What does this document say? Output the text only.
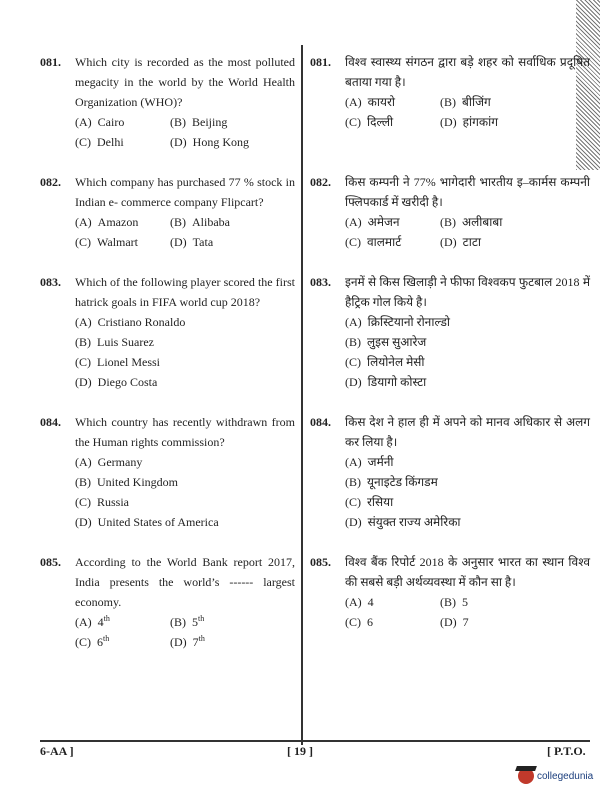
081. Which city is recorded as the most polluted megacity in the world by the World Health Organization (WHO)?
(A) Cairo	(B) Beijing
(C) Delhi	(D) Hong Kong
081. विश्व स्वास्थ्य संगठन द्वारा बड़े शहर को सर्वाधिक प्रदूषित बताया गया है।
(A) कायरो	(B) बीजिंग
(C) दिल्ली	(D) हांगकांग
082. Which company has purchased 77 % stock in Indian e- commerce company Flipcart?
(A) Amazon	(B) Alibaba
(C) Walmart	(D) Tata
082. किस कम्पनी ने 77% भागेदारी भारतीय इ–कार्मस कम्पनी फ्लिपकार्ड में खरीदी है।
(A) अमेजन	(B) अलीबाबा
(C) वालमार्ट	(D) टाटा
083. Which of the following player scored the first hatrick goals in FIFA world cup 2018?
(A) Cristiano Ronaldo
(B) Luis Suarez
(C) Lionel Messi
(D) Diego Costa
083. इनमें से किस खिलाड़ी ने फीफा विश्वकप फुटबाल 2018 में हैट्रिक गोल किये है।
(A) क्रिस्टियानो रोनाल्डो
(B) लुइस सुआरेज
(C) लियोनेल मेसी
(D) डियागो कोस्टा
084. Which country has recently withdrawn from the Human rights commission?
(A) Germany
(B) United Kingdom
(C) Russia
(D) United States of America
084. किस देश ने हाल ही में अपने को मानव अधिकार से अलग कर लिया है।
(A) जर्मनी
(B) यूनाइटेड किंगडम
(C) रसिया
(D) संयुक्त राज्य अमेरिका
085. According to the World Bank report 2017, India presents the world’s ------ largest economy.
(A) 4th	(B) 5th
(C) 6th	(D) 7th
085. विश्व बैंक रिपोर्ट 2018 के अनुसार भारत का स्थान विश्व की सबसे बड़ी अर्थव्यवस्था में कौन सा है।
(A) 4	(B) 5
(C) 6	(D) 7
6-AA ]	[ 19 ]	[ P.T.O.
collegedunia
